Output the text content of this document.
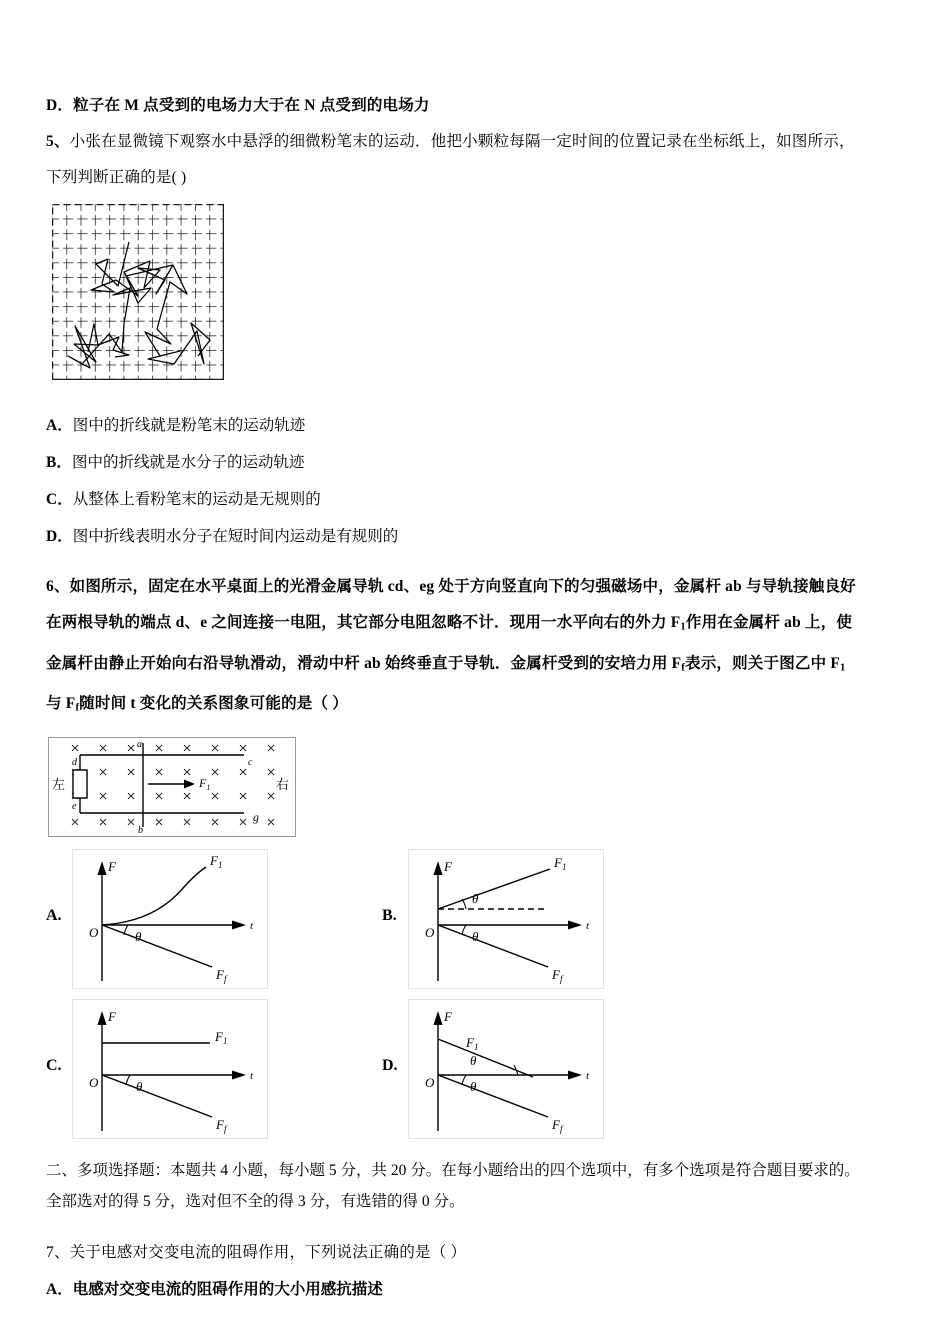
D．粒子在 M 点受到的电场力大于在 N 点受到的电场力
5、小张在显微镜下观察水中悬浮的细微粉笔末的运动．他把小颗粒每隔一定时间的位置记录在坐标纸上，如图所示，
下列判断正确的是( )
A．图中的折线就是粉笔末的运动轨迹
B．图中的折线就是水分子的运动轨迹
C．从整体上看粉笔末的运动是无规则的
D．图中折线表明水分子在短时间内运动是有规则的
6、如图所示，固定在水平桌面上的光滑金属导轨 cd、eg 处于方向竖直向下的匀强磁场中，金属杆 ab 与导轨接触良好
在两根导轨的端点 d、e 之间连接一电阻，其它部分电阻忽略不计．现用一水平向右的外力 $F_1$作用在金属杆 ab 上，使
金属杆由静止开始向右沿导轨滑动，滑动中杆 ab 始终垂直于导轨．金属杆受到的安培力用 $F_f$表示，则关于图乙中 $F_1$
与 $F_f$随时间 t 变化的关系图象可能的是（ ）
d
e
c
g
a
b
$F_1$
左	右
A.
F
t
O	θ
$F_1$
$F_f$
B.
F
t
O
θ
θ
$F_1$
$F_f$
C.
F
t
O	θ
$F_1$
$F_f$
D.
F
t
O
θ
θ
$F_1$
$F_f$
二、多项选择题：本题共 4 小题，每小题 5 分，共 20 分。在每小题给出的四个选项中，有多个选项是符合题目要求的。
全部选对的得 5 分，选对但不全的得 3 分，有选错的得 0 分。
7、关于电感对交变电流的阻碍作用，下列说法正确的是（ ）
A．电感对交变电流的阻碍作用的大小用感抗描述
